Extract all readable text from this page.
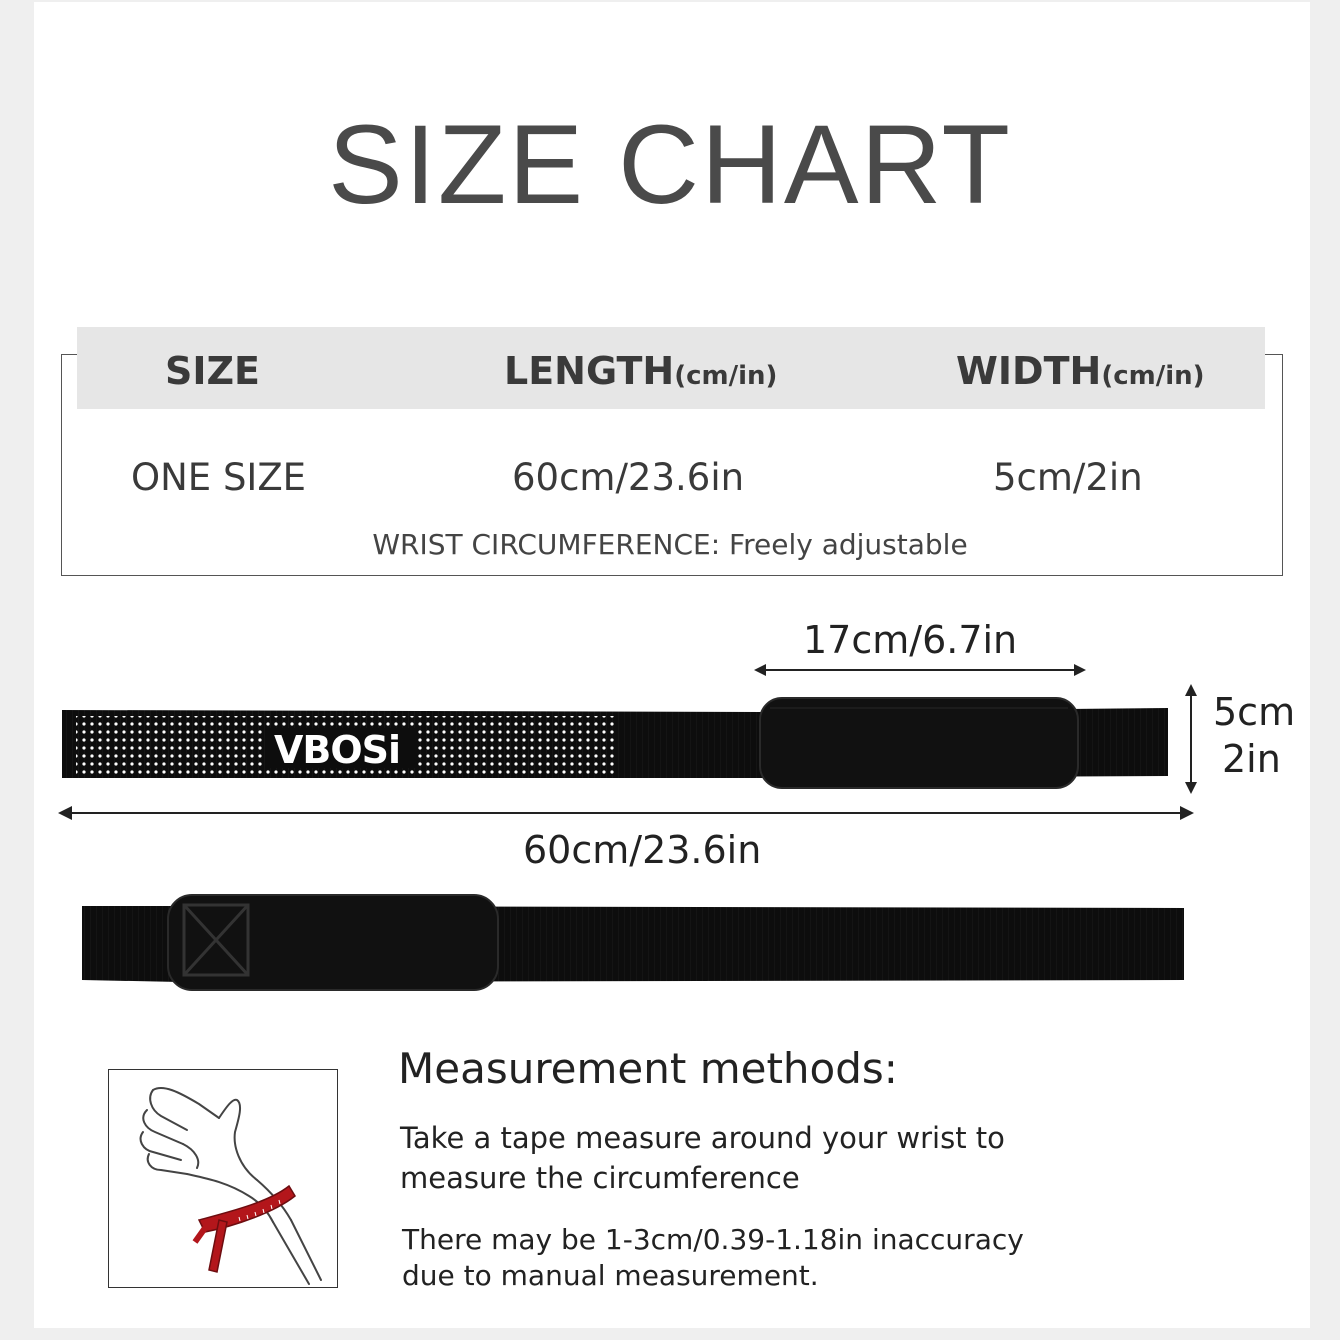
SIZE CHART
SIZE	LENGTH(cm/in)	WIDTH(cm/in)
ONE SIZE	60cm/23.6in	5cm/2in
WRIST CIRCUMFERENCE: Freely adjustable
17cm/6.7in
VBOSi
5cm
2in
60cm/23.6in
Measurement methods:
Take a tape measure around your wrist to
measure the circumference
There may be 1-3cm/0.39-1.18in inaccuracy
due to manual measurement.
